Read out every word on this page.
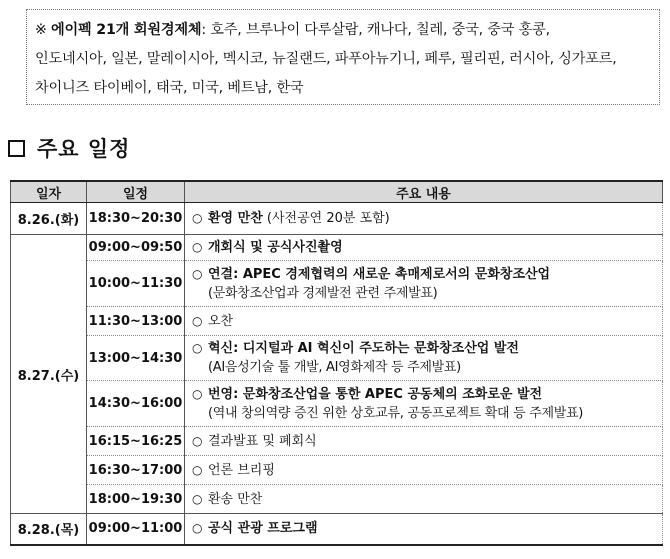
※ 에이펙 21개 회원경제체: 호주, 브루나이 다루살람, 캐나다, 칠레, 중국, 중국 홍콩,
인도네시아, 일본, 말레이시아, 멕시코, 뉴질랜드, 파푸아뉴기니, 페루, 필리핀, 러시아, 싱가포르,
차이니즈 타이베이, 태국, 미국, 베트남, 한국
주요 일정
일자	일정	주요 내용
8.26.(화)	18:30~20:30	○ 환영 만찬 (사전공연 20분 포함)
8.27.(수)	09:00~09:50	○ 개회식 및 공식사진촬영
	10:00~11:30	○ 연결: APEC 경제협력의 새로운 촉매제로서의 문화창조산업
(문화창조산업과 경제발전 관련 주제발표)

	11:30~13:00	○ 오찬
	13:00~14:30	○ 혁신: 디지털과 AI 혁신이 주도하는 문화창조산업 발전
(AI음성기술 툴 개발, AI영화제작 등 주제발표)

	14:30~16:00	○ 번영: 문화창조산업을 통한 APEC 공동체의 조화로운 발전
(역내 창의역량 증진 위한 상호교류, 공동프로젝트 확대 등 주제발표)

	16:15~16:25	○ 결과발표 및 폐회식
	16:30~17:00	○ 언론 브리핑
	18:00~19:30	○ 환송 만찬
8.28.(목)	09:00~11:00	○ 공식 관광 프로그램
